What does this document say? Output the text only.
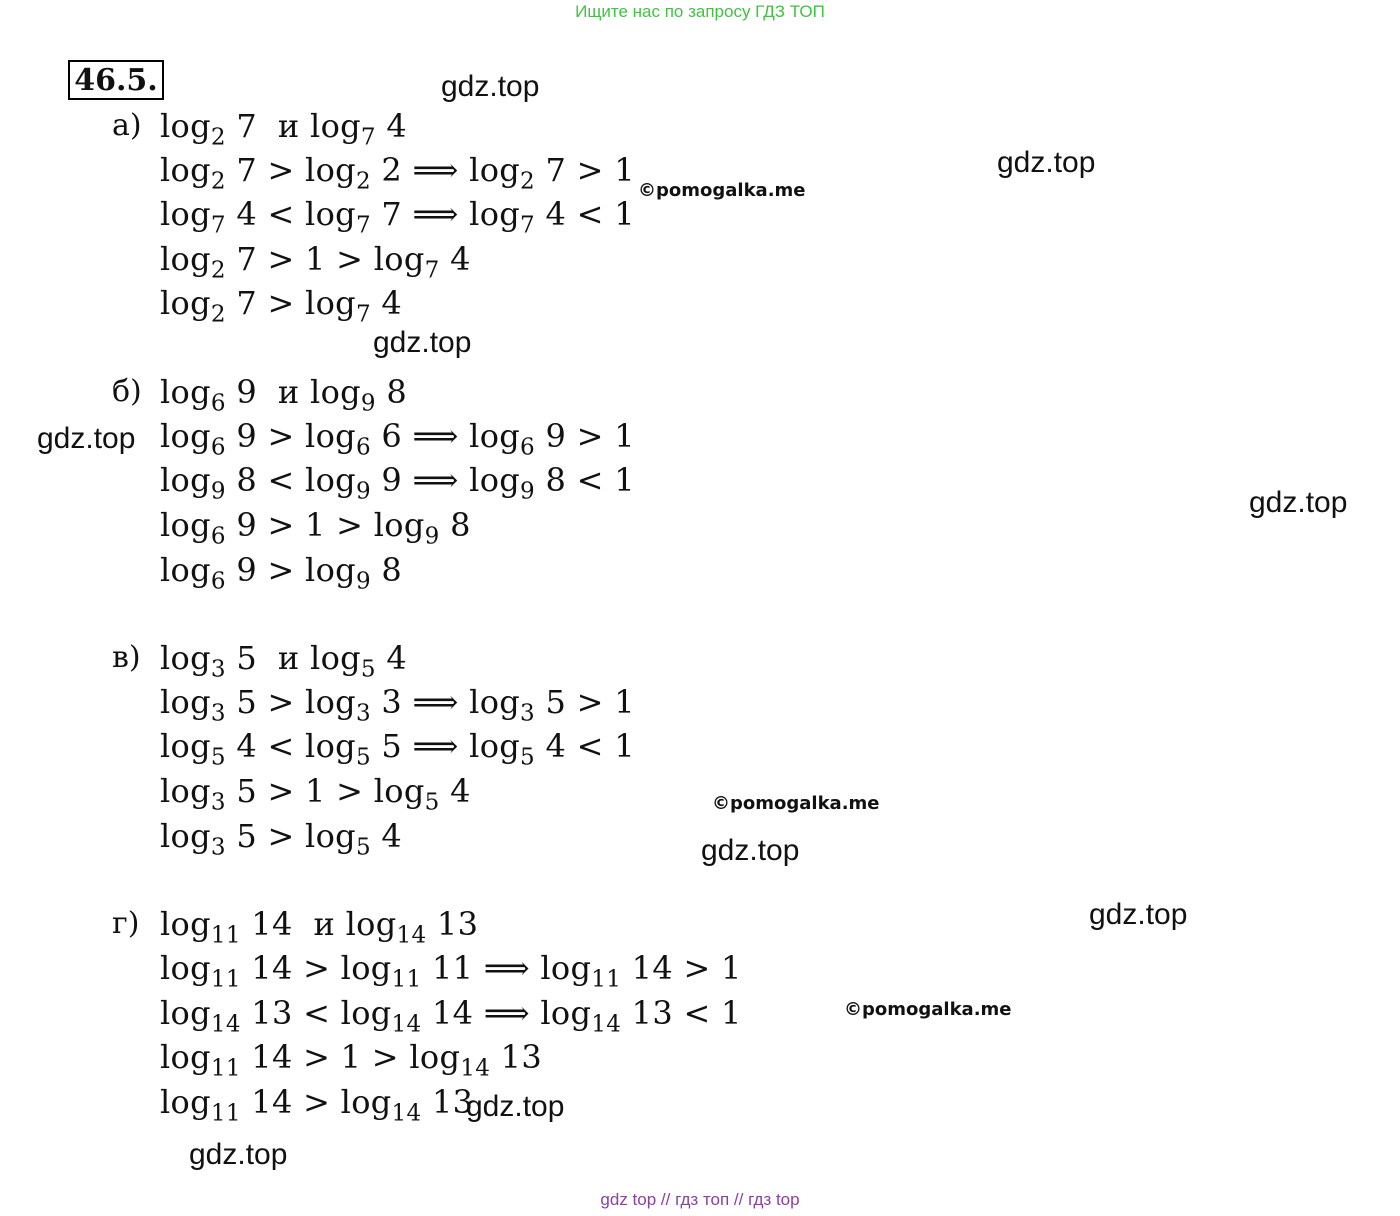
Ищите нас по запросу ГДЗ ТОП
46.5.
а) $\log_2 7$  и $\log_7 4$
$\log_2 7 > \log_2 2$ ⟹ $\log_2 7 > 1$
$\log_7 4 < \log_7 7$ ⟹ $\log_7 4 < 1$
$\log_2 7 > 1 > \log_7 4$
$\log_2 7 > \log_7 4$
б) $\log_6 9$  и $\log_9 8$
$\log_6 9 > \log_6 6$ ⟹ $\log_6 9 > 1$
$\log_9 8 < \log_9 9$ ⟹ $\log_9 8 < 1$
$\log_6 9 > 1 > \log_9 8$
$\log_6 9 > \log_9 8$
в) $\log_3 5$  и $\log_5 4$
$\log_3 5 > \log_3 3$ ⟹ $\log_3 5 > 1$
$\log_5 4 < \log_5 5$ ⟹ $\log_5 4 < 1$
$\log_3 5 > 1 > \log_5 4$
$\log_3 5 > \log_5 4$
г) $\log_{11} 14$  и $\log_{14} 13$
$\log_{11} 14 > \log_{11} 11$ ⟹ $\log_{11} 14 > 1$
$\log_{14} 13 < \log_{14} 14$ ⟹ $\log_{14} 13 < 1$
$\log_{11} 14 > 1 > \log_{14} 13$
$\log_{11} 14 > \log_{14} 13$
gdz.top
gdz.top
gdz.top
gdz.top
gdz.top
gdz.top
gdz.top
gdz.top
gdz.top
©pomogalka.me
©pomogalka.me
©pomogalka.me
gdz top // гдз топ // гдз top
